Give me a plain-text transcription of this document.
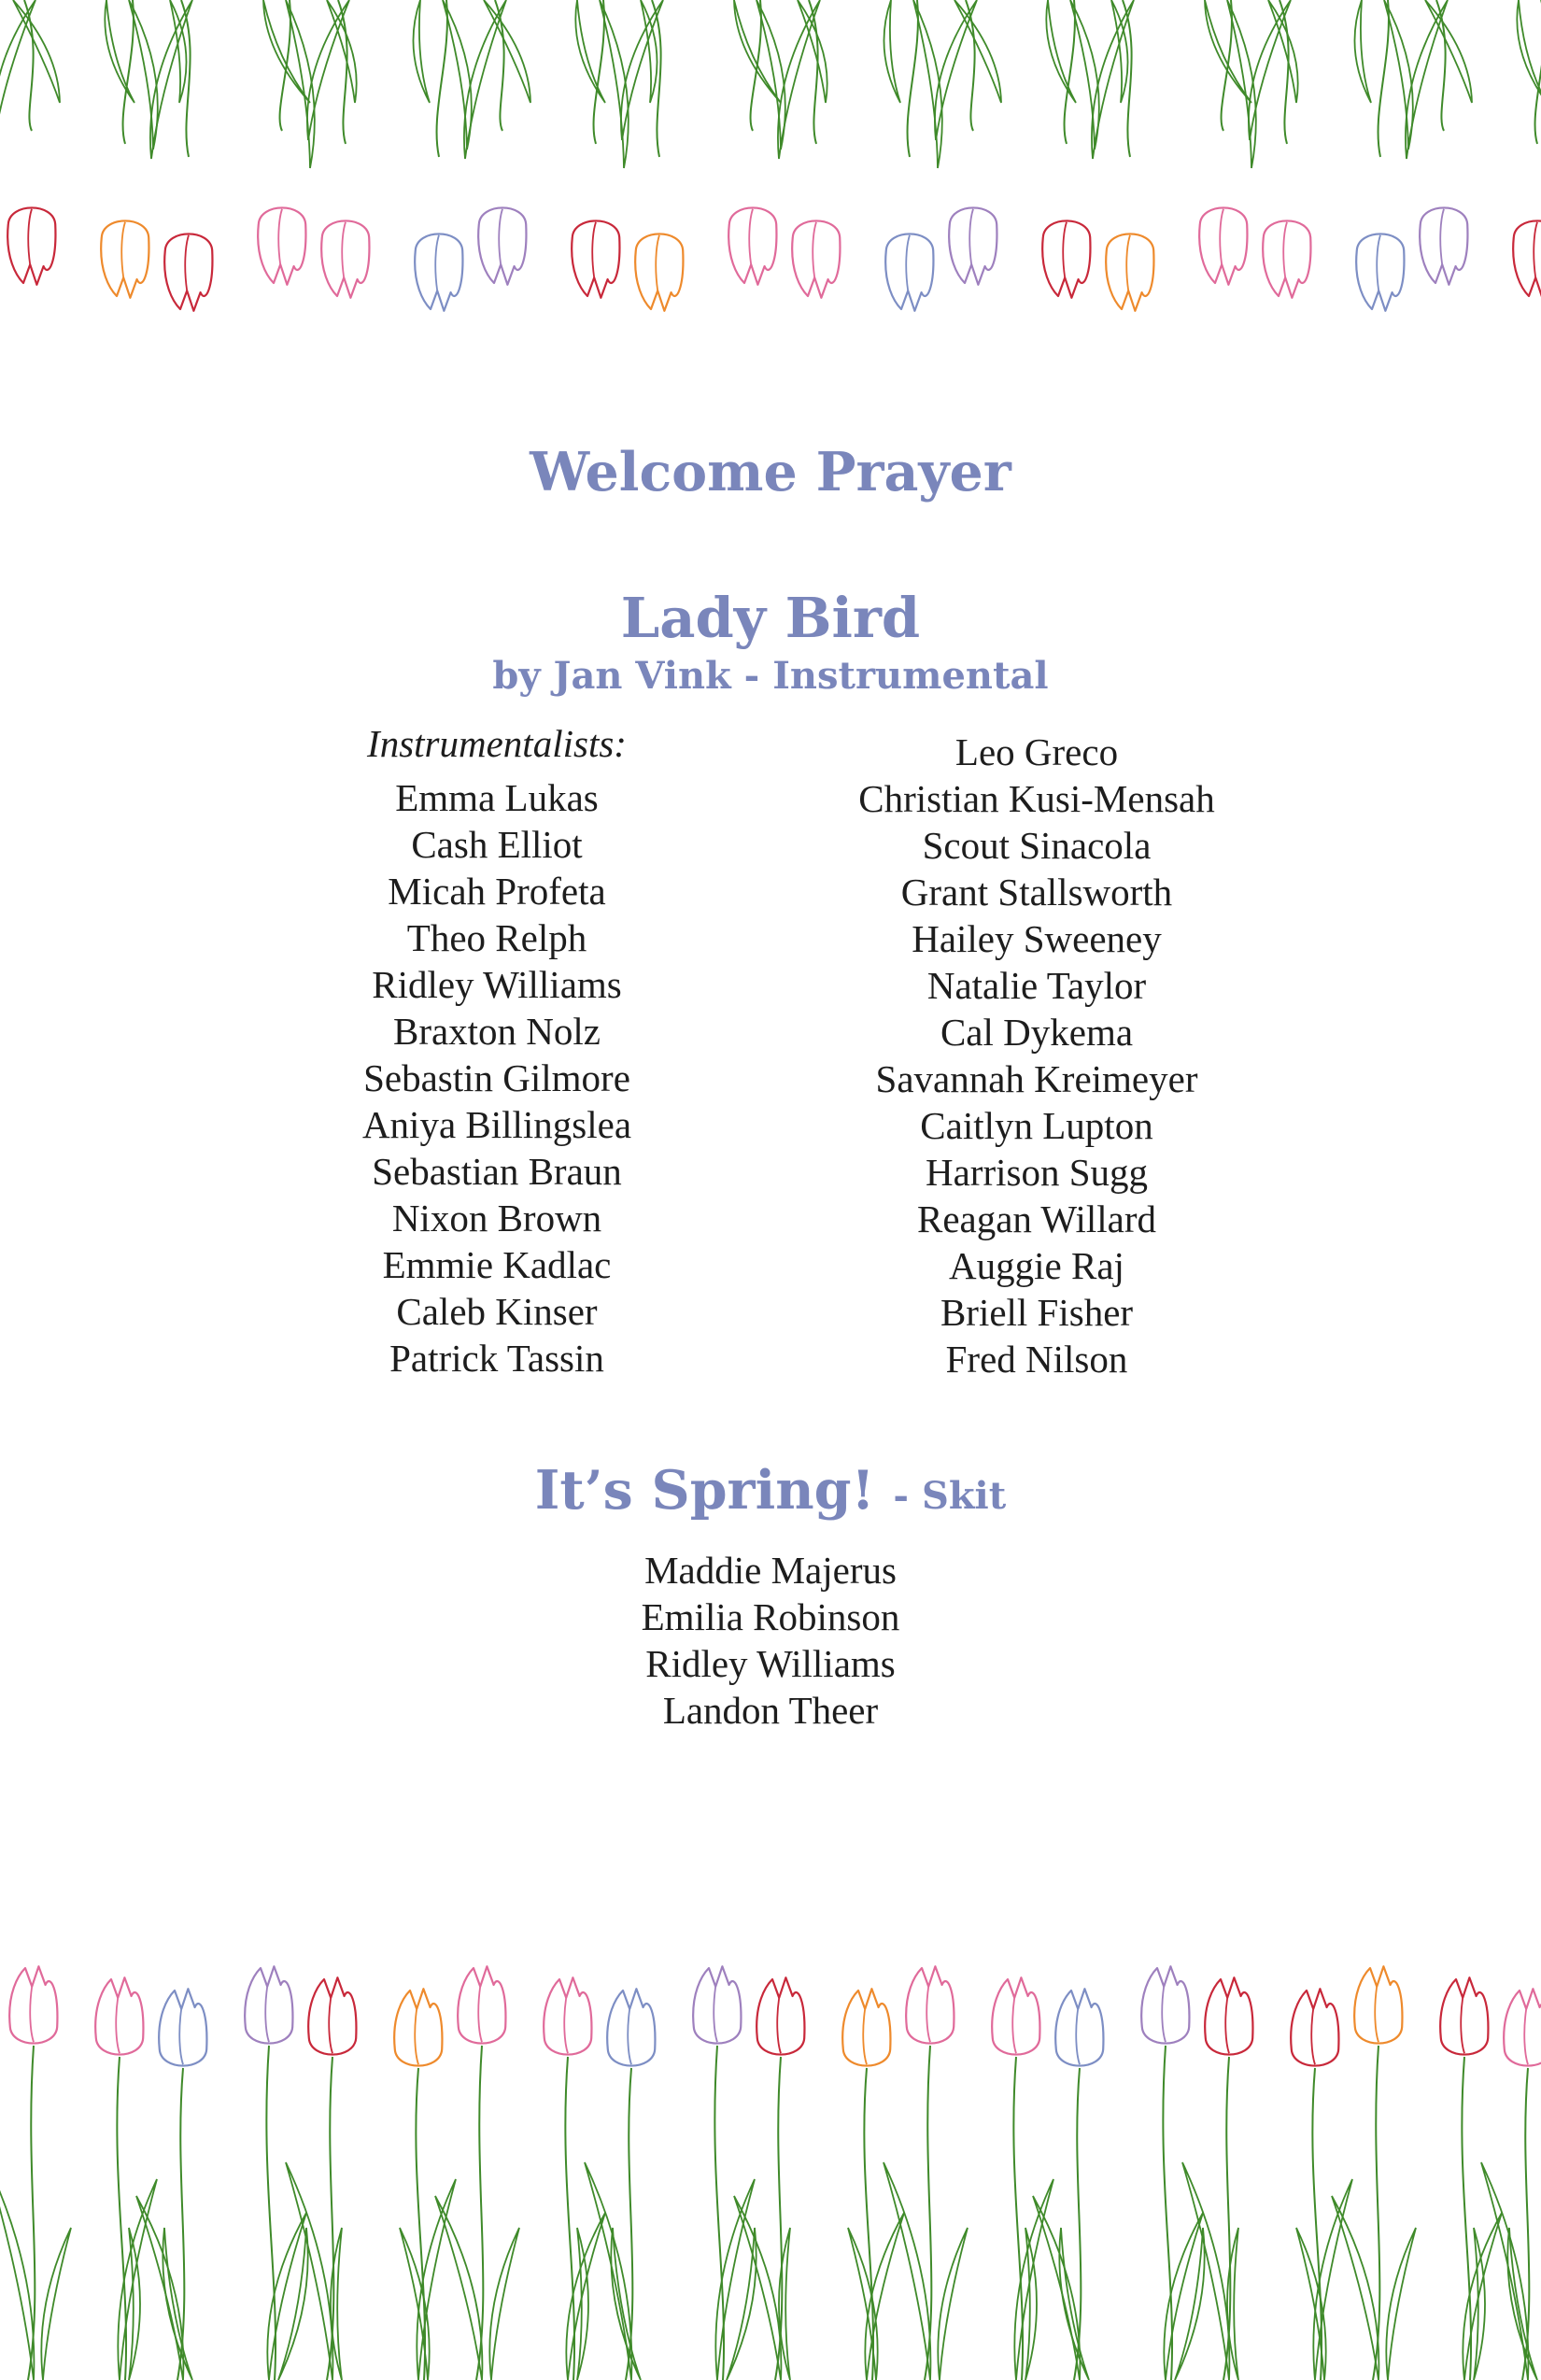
Welcome Prayer
Lady Bird
by Jan Vink - Instrumental
Instrumentalists:
Emma Lukas
Cash Elliot
Micah Profeta
Theo Relph
Ridley Williams
Braxton Nolz
Sebastin Gilmore
Aniya Billingslea
Sebastian Braun
Nixon Brown
Emmie Kadlac
Caleb Kinser
Patrick Tassin
Leo Greco
Christian Kusi-Mensah
Scout Sinacola
Grant Stallsworth
Hailey Sweeney
Natalie Taylor
Cal Dykema
Savannah Kreimeyer
Caitlyn Lupton
Harrison Sugg
Reagan Willard
Auggie Raj
Briell Fisher
Fred Nilson
It’s Spring! - Skit
Maddie Majerus
Emilia Robinson
Ridley Williams
Landon Theer
